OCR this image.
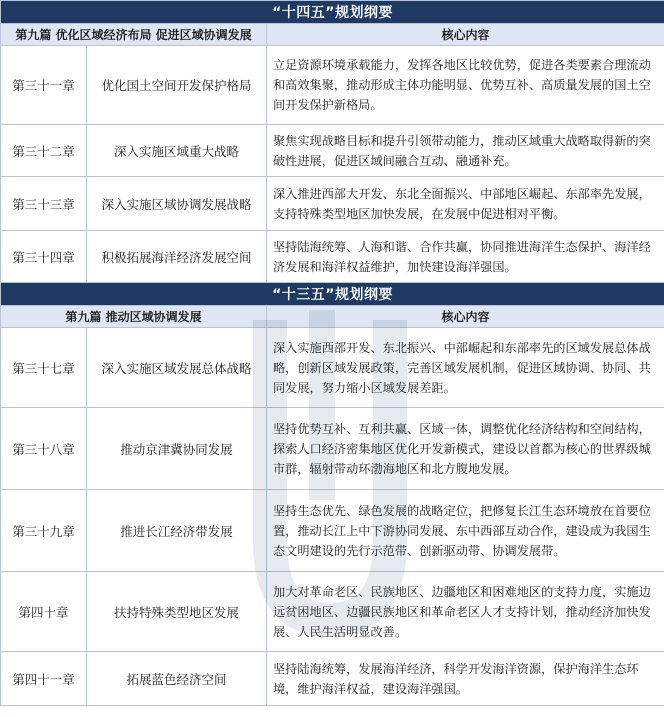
“十四五”规划纲要		
第九篇 优化区域经济布局 促进区域协调发展		核心内容
第三十一章	优化国土空间开发保护格局	立足资源环境承载能力，发挥各地区比较优势，促进各类要素合理流动和高效集聚，推动形成主体功能明显、优势互补、高质量发展的国土空间开发保护新格局。
第三十二章	深入实施区域重大战略	聚焦实现战略目标和提升引领带动能力，推动区域重大战略取得新的突破性进展，促进区域间融合互动、融通补充。
第三十三章	深入实施区域协调发展战略	深入推进西部大开发、东北全面振兴、中部地区崛起、东部率先发展，支持特殊类型地区加快发展，在发展中促进相对平衡。
第三十四章	积极拓展海洋经济发展空间	坚持陆海统筹、人海和谐、合作共赢，协同推进海洋生态保护、海洋经济发展和海洋权益维护，加快建设海洋强国。
“十三五”规划纲要		
第九篇 推动区域协调发展		核心内容
第三十七章	深入实施区域发展总体战略	深入实施西部开发、东北振兴、中部崛起和东部率先的区域发展总体战略，创新区域发展政策，完善区域发展机制，促进区域协调、协同、共同发展，努力缩小区域发展差距。
第三十八章	推动京津冀协同发展	坚持优势互补、互利共赢、区域一体，调整优化经济结构和空间结构，探索人口经济密集地区优化开发新模式，建设以首都为核心的世界级城市群，辐射带动环渤海地区和北方腹地发展。
第三十九章	推进长江经济带发展	坚持生态优先、绿色发展的战略定位，把修复长江生态环境放在首要位置，推动长江上中下游协同发展、东中西部互动合作，建设成为我国生态文明建设的先行示范带、创新驱动带、协调发展带。
第四十章	扶持特殊类型地区发展	加大对革命老区、民族地区、边疆地区和困难地区的支持力度，实施边远贫困地区、边疆民族地区和革命老区人才支持计划，推动经济加快发展、人民生活明显改善。
第四十一章	拓展蓝色经济空间	坚持陆海统筹，发展海洋经济，科学开发海洋资源，保护海洋生态环境，维护海洋权益，建设海洋强国。
